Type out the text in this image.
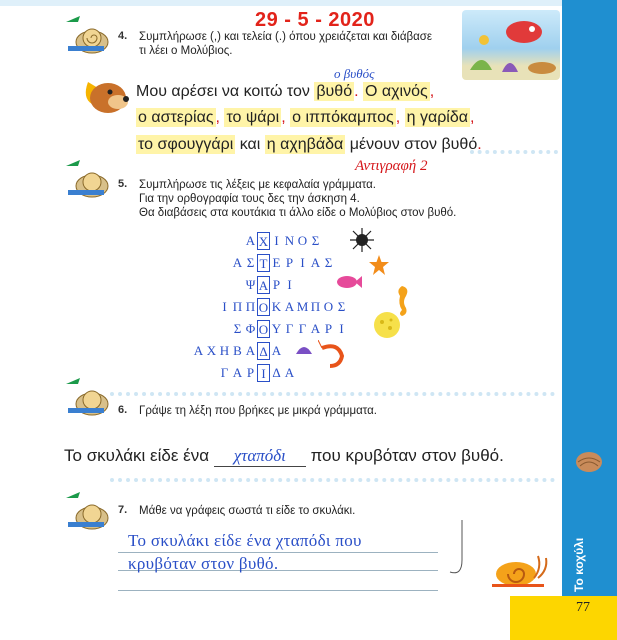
Το κοχύλι
77
29 - 5 - 2020
4. Συμπλήρωσε (,) και τελεία (.) όπου χρειάζεται και διάβασε
τι λέει ο Μολύβιος.
ο βυθός
Μου αρέσει να κοιτώ τον βυθό . Ο αχινός ,
ο αστερίας , το ψάρι , ο ιππόκαμπος , η γαρίδα ,
το σφουγγάρι και η αχηβάδα μένουν στον βυθό.
Αντιγραφή 2
5. Συμπλήρωσε τις λέξεις με κεφαλαία γράμματα.
Για την ορθογραφία τους δες την άσκηση 4.
Θα διαβάσεις στα κουτάκια τι άλλο είδε ο Μολύβιος στον βυθό.
Α Χ Ι Ν Ο Σ
Α Σ Τ Ε Ρ Ι Α Σ
Ψ Α Ρ Ι
Ι Π Π Ο Κ Α Μ Π Ο Σ
Σ Φ Ο Υ Γ Γ Α Ρ Ι
Α Χ Η Β Α Δ Α
Γ Α Ρ Ι Δ Α
6. Γράψε τη λέξη που βρήκες με μικρά γράμματα.
Το σκυλάκι είδε ένα χταπόδι που κρυβόταν στον βυθό.
7. Μάθε να γράφεις σωστά τι είδε το σκυλάκι.
Το σκυλάκι είδε ένα χταπόδι που
κρυβόταν στον βυθό.
